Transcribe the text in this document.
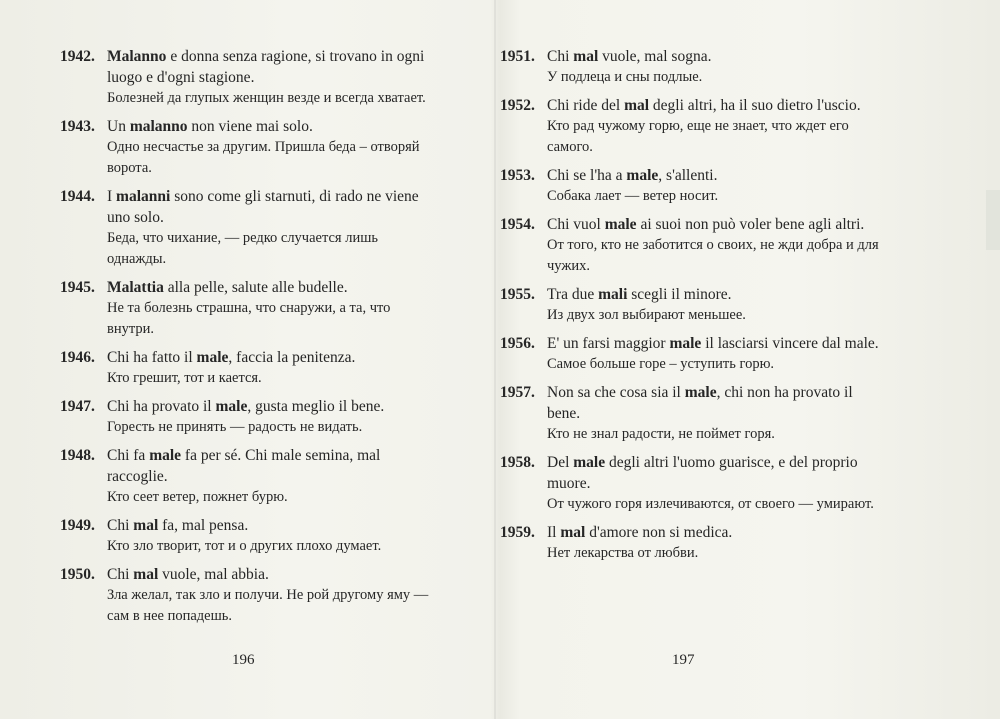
1942. Malanno e donna senza ragione, si trovano in ogni luogo e d'ogni stagione.
Болезней да глупых женщин везде и всегда хватает.
1943. Un malanno non viene mai solo.
Одно несчастье за другим. Пришла беда – отворяй ворота.
1944. I malanni sono come gli starnuti, di rado ne viene uno solo.
Беда, что чихание, — редко случается лишь однажды.
1945. Malattia alla pelle, salute alle budelle.
Не та болезнь страшна, что снаружи, а та, что внутри.
1946. Chi ha fatto il male, faccia la penitenza.
Кто грешит, тот и кается.
1947. Chi ha provato il male, gusta meglio il bene.
Горесть не принять — радость не видать.
1948. Chi fa male fa per sé. Chi male semina, mal raccoglie.
Кто сеет ветер, пожнет бурю.
1949. Chi mal fa, mal pensa.
Кто зло творит, тот и о других плохо думает.
1950. Chi mal vuole, mal abbia.
Зла желал, так зло и получи. Не рой другому яму — сам в нее попадешь.
1951. Chi mal vuole, mal sogna.
У подлеца и сны подлые.
1952. Chi ride del mal degli altri, ha il suo dietro l'uscio.
Кто рад чужому горю, еще не знает, что ждет его самого.
1953. Chi se l'ha a male, s'allenti.
Собака лает — ветер носит.
1954. Chi vuol male ai suoi non può voler bene agli altri.
От того, кто не заботится о своих, не жди добра и для чужих.
1955. Tra due mali scegli il minore.
Из двух зол выбирают меньшее.
1956. E' un farsi maggior male il lasciarsi vincere dal male.
Самое больше горе – уступить горю.
1957. Non sa che cosa sia il male, chi non ha provato il bene.
Кто не знал радости, не поймет горя.
1958. Del male degli altri l'uomo guarisce, e del proprio muore.
От чужого горя излечиваются, от своего — умирают.
1959. Il mal d'amore non si medica.
Нет лекарства от любви.
196	197
